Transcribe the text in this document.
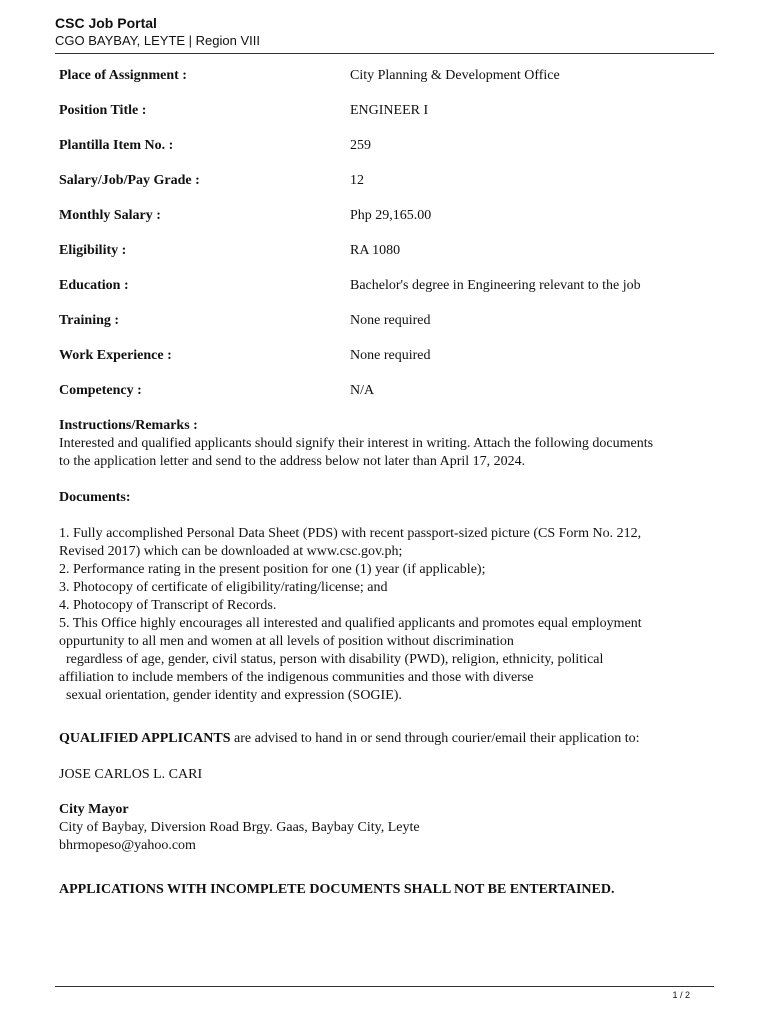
CSC Job Portal
CGO BAYBAY, LEYTE | Region VIII
Place of Assignment :	City Planning & Development Office
Position Title :	ENGINEER I
Plantilla Item No. :	259
Salary/Job/Pay Grade :	12
Monthly Salary :	Php 29,165.00
Eligibility :	RA 1080
Education :	Bachelor's degree in Engineering relevant to the job
Training :	None required
Work Experience :	None required
Competency :	N/A

Instructions/Remarks :

Interested and qualified applicants should signify their interest in writing. Attach the following documents

to the application letter and send to the address below not later than April 17, 2024.

Documents:

1. Fully accomplished Personal Data Sheet (PDS) with recent passport-sized picture (CS Form No. 212,

Revised 2017) which can be downloaded at www.csc.gov.ph;

2. Performance rating in the present position for one (1) year (if applicable);

3. Photocopy of certificate of eligibility/rating/license; and

4. Photocopy of Transcript of Records.

5. This Office highly encourages all interested and qualified applicants and promotes equal employment

oppurtunity to all men and women at all levels of position without discrimination

regardless of age, gender, civil status, person with disability (PWD), religion, ethnicity, political

affiliation to include members of the indigenous communities and those with diverse

sexual orientation, gender identity and expression (SOGIE).

QUALIFIED APPLICANTS are advised to hand in or send through courier/email their application to:

JOSE CARLOS L. CARI

City Mayor

City of Baybay, Diversion Road Brgy. Gaas, Baybay City, Leyte

bhrmopeso@yahoo.com

APPLICATIONS WITH INCOMPLETE DOCUMENTS SHALL NOT BE ENTERTAINED.

1 / 2
